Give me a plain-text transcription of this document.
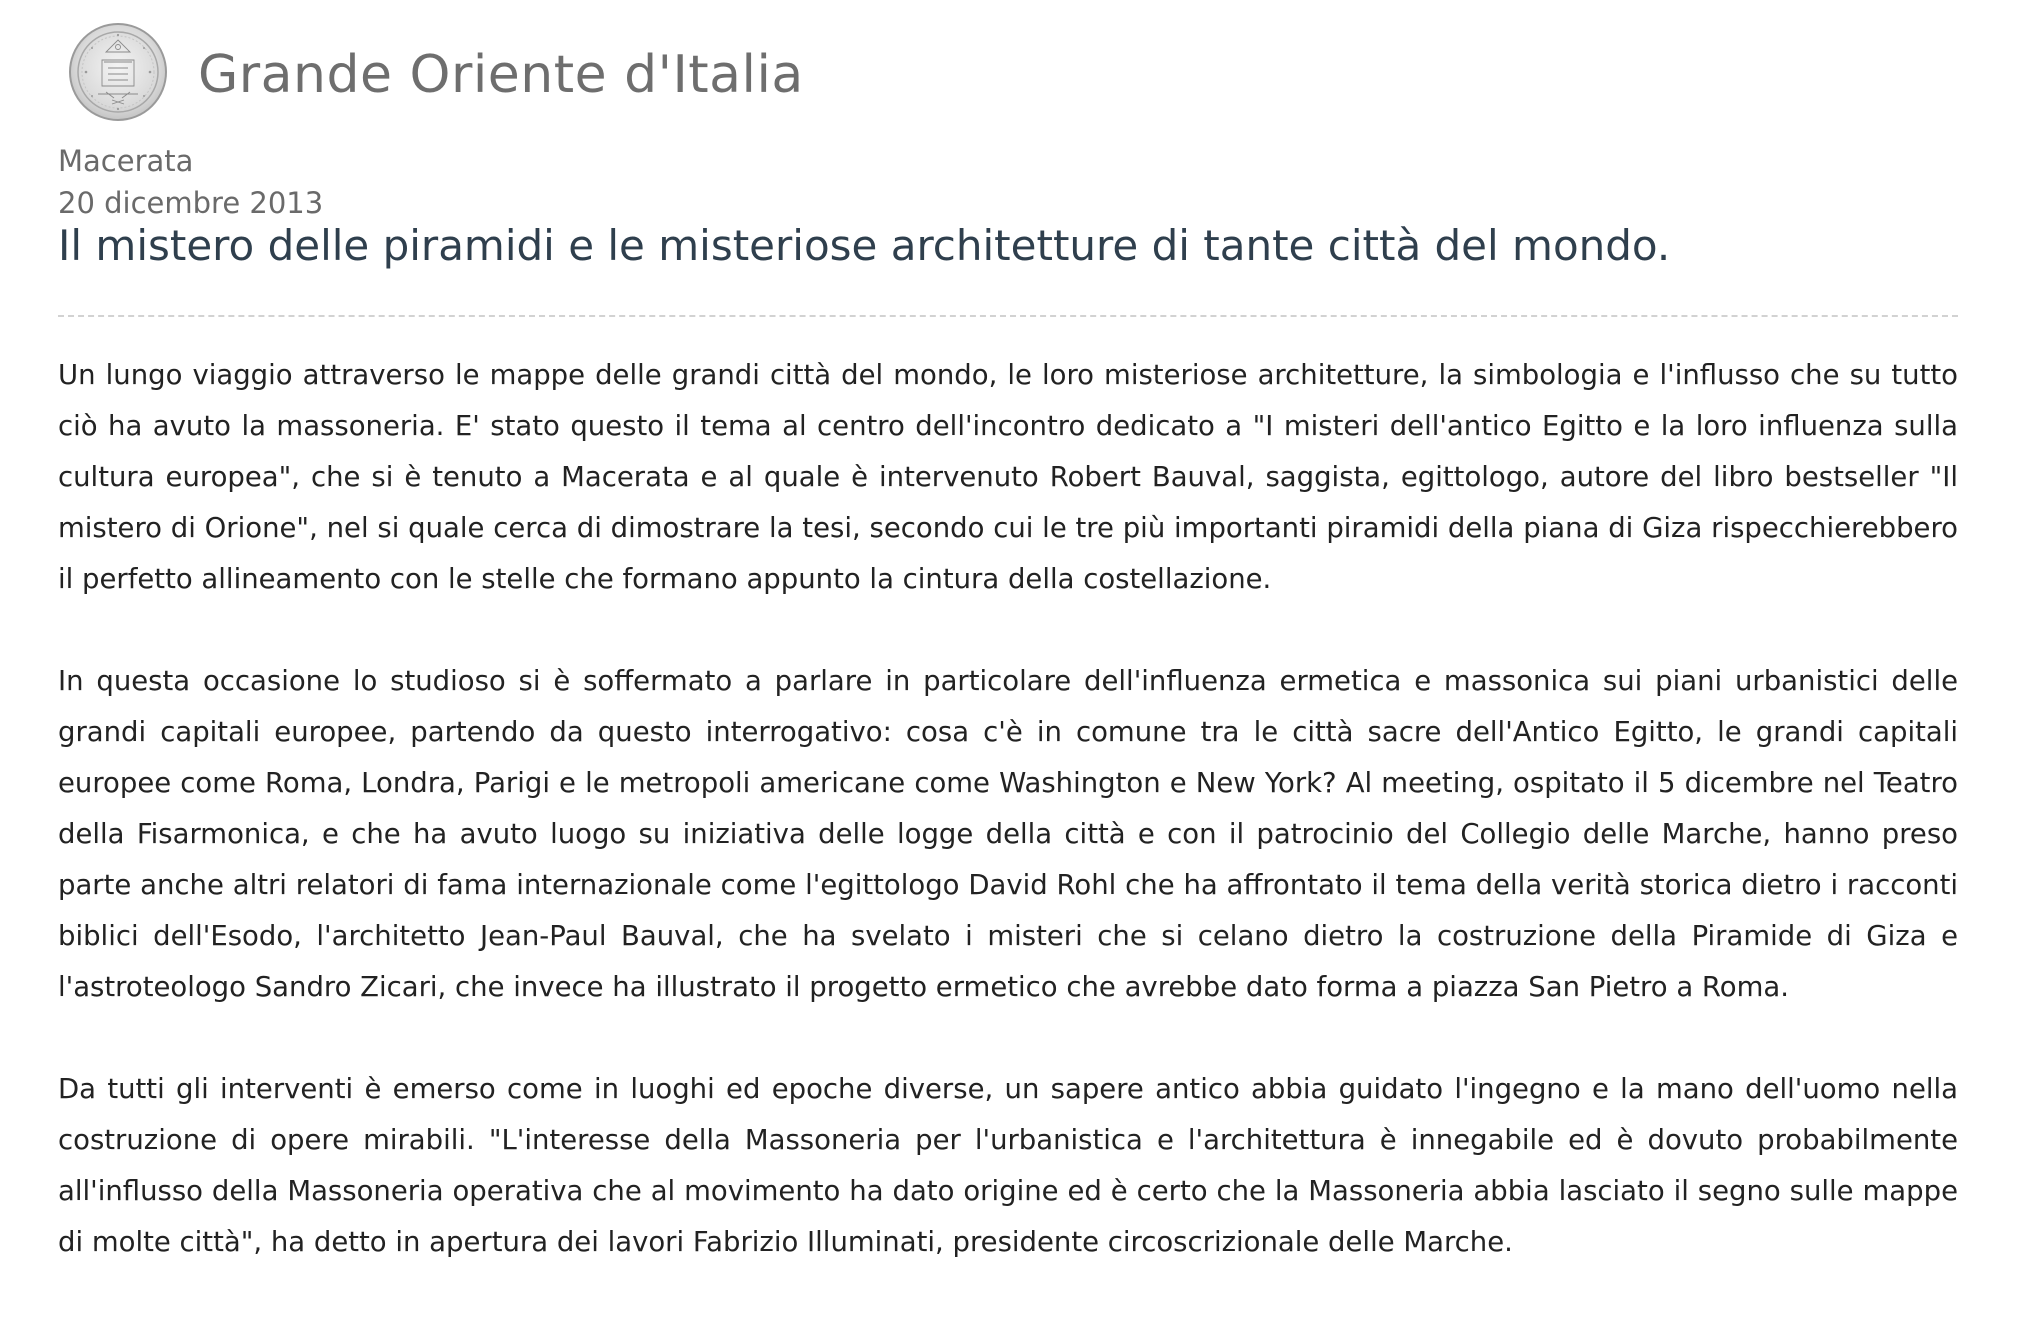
Grande Oriente d'Italia
Macerata
20 dicembre 2013
Il mistero delle piramidi e le misteriose architetture di tante città del mondo.

Un lungo viaggio attraverso le mappe delle grandi città del mondo, le loro misteriose architetture, la simbologia e l'influsso che su tutto ciò ha avuto la massoneria. E' stato questo il tema al centro dell'incontro dedicato a "I misteri dell'antico Egitto e la loro influenza sulla cultura europea", che si è tenuto a Macerata e al quale è intervenuto Robert Bauval, saggista, egittologo, autore del libro bestseller "Il mistero di Orione", nel si quale cerca di dimostrare la tesi, secondo cui le tre più importanti piramidi della piana di Giza rispecchierebbero il perfetto allineamento con le stelle che formano appunto la cintura della costellazione.

In questa occasione lo studioso si è soffermato a parlare in particolare dell'influenza ermetica e massonica sui piani urbanistici delle grandi capitali europee, partendo da questo interrogativo: cosa c'è in comune tra le città sacre dell'Antico Egitto, le grandi capitali europee come Roma, Londra, Parigi e le metropoli americane come Washington e New York? Al meeting, ospitato il 5 dicembre nel Teatro della Fisarmonica, e che ha avuto luogo su iniziativa delle logge della città e con il patrocinio del Collegio delle Marche, hanno preso parte anche altri relatori di fama internazionale come l'egittologo David Rohl che ha affrontato il tema della verità storica dietro i racconti biblici dell'Esodo, l'architetto Jean-Paul Bauval, che ha svelato i misteri che si celano dietro la costruzione della Piramide di Giza e l'astroteologo Sandro Zicari, che invece ha illustrato il progetto ermetico che avrebbe dato forma a piazza San Pietro a Roma.

Da tutti gli interventi è emerso come in luoghi ed epoche diverse, un sapere antico abbia guidato l'ingegno e la mano dell'uomo nella costruzione di opere mirabili. "L'interesse della Massoneria per l'urbanistica e l'architettura è innegabile ed è dovuto probabilmente all'influsso della Massoneria operativa che al movimento ha dato origine ed è certo che la Massoneria abbia lasciato il segno sulle mappe di molte città", ha detto in apertura dei lavori Fabrizio Illuminati, presidente circoscrizionale delle Marche.
